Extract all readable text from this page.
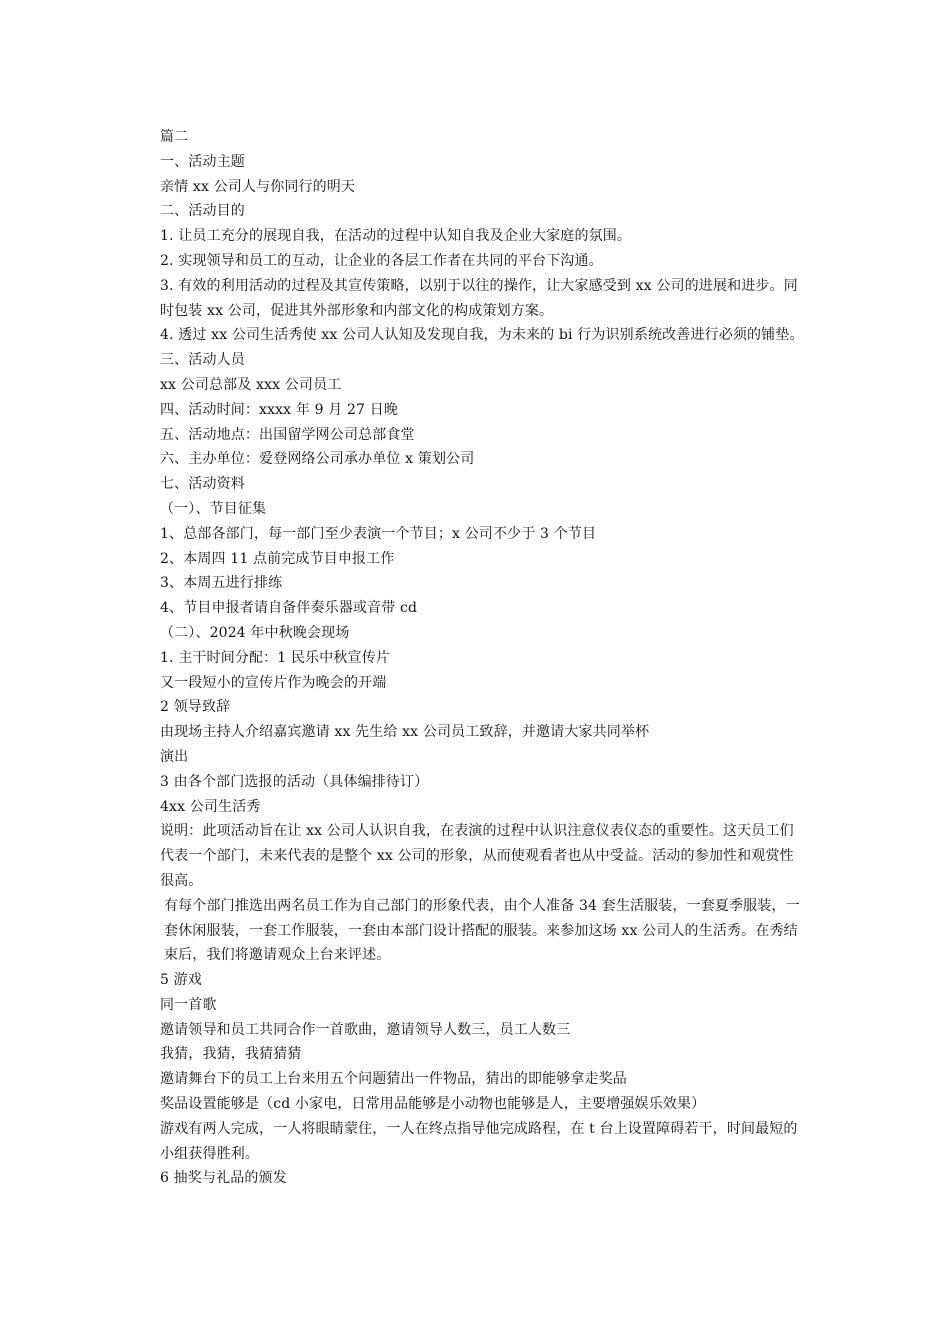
篇二

一、活动主题

亲情 xx 公司人与你同行的明天

二、活动目的

1. 让员工充分的展现自我，在活动的过程中认知自我及企业大家庭的氛围。

2. 实现领导和员工的互动，让企业的各层工作者在共同的平台下沟通。

3. 有效的利用活动的过程及其宣传策略，以别于以往的操作，让大家感受到 xx 公司的进展和进步。同时包装 xx 公司，促进其外部形象和内部文化的构成策划方案。

4. 透过 xx 公司生活秀使 xx 公司人认知及发现自我，为未来的 bi 行为识别系统改善进行必须的铺垫。

三、活动人员

xx 公司总部及 xxx 公司员工

四、活动时间：xxxx 年 9 月 27 日晚

五、活动地点：出国留学网公司总部食堂

六、主办单位：爱登网络公司承办单位 x 策划公司

七、活动资料

（一）、节目征集

1、总部各部门，每一部门至少表演一个节目；x 公司不少于 3 个节目

2、本周四 11 点前完成节目申报工作

3、本周五进行排练

4、节目申报者请自备伴奏乐器或音带 cd

（二）、2024 年中秋晚会现场

1. 主干时间分配：1 民乐中秋宣传片

又一段短小的宣传片作为晚会的开端

2 领导致辞

由现场主持人介绍嘉宾邀请 xx 先生给 xx 公司员工致辞，并邀请大家共同举杯

演出

3 由各个部门选报的活动（具体编排待订）

4xx 公司生活秀

说明：此项活动旨在让 xx 公司人认识自我，在表演的过程中认识注意仪表仪态的重要性。这天员工们代表一个部门，未来代表的是整个 xx 公司的形象，从而使观看者也从中受益。活动的参加性和观赏性很高。

有每个部门推选出两名员工作为自己部门的形象代表，由个人准备 34 套生活服装，一套夏季服装，一套休闲服装，一套工作服装，一套由本部门设计搭配的服装。来参加这场 xx 公司人的生活秀。在秀结束后，我们将邀请观众上台来评述。

5 游戏

同一首歌

邀请领导和员工共同合作一首歌曲，邀请领导人数三，员工人数三

我猜，我猜，我猜猜猜

邀请舞台下的员工上台来用五个问题猜出一件物品，猜出的即能够拿走奖品

奖品设置能够是（cd 小家电，日常用品能够是小动物也能够是人，主要增强娱乐效果）

游戏有两人完成，一人将眼睛蒙住，一人在终点指导他完成路程，在 t 台上设置障碍若干，时间最短的小组获得胜利。

6 抽奖与礼品的颁发
